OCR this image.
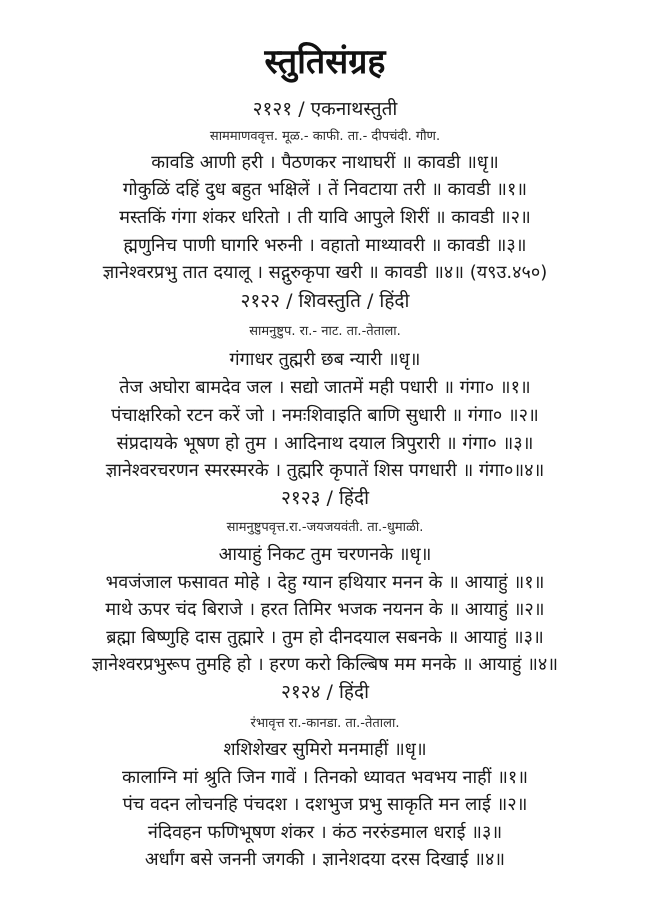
स्तुतिसंग्रह
२१२१ / एकनाथस्तुती
साममाणववृत्त. मूळ.- काफी. ता.- दीपचंदी. गौण.
कावडि आणी हरी । पैठणकर नाथाघरीं ॥ कावडी ॥धृ॥
गोकुळिं दहिं दुध बहुत भक्षिलें । तें निवटाया तरी ॥ कावडी ॥१॥
मस्तकिं गंगा शंकर धरितो । ती यावि आपुले शिरीं ॥ कावडी ॥२॥
ह्मणुनिच पाणी घागरि भरुनी । वहातो माथ्यावरी ॥ कावडी ॥३॥
ज्ञानेश्वरप्रभु तात दयालू । सद्गुरुकृपा खरी ॥ कावडी ॥४॥ (य९उ.४५०)
२१२२ / शिवस्तुति / हिंदी
सामनुष्टुप. रा.- नाट. ता.-तेताला.
गंगाधर तुह्मरी छब न्यारी ॥धृ॥
तेज अघोरा बामदेव जल । सद्यो जातमें मही पधारी ॥ गंगा० ॥१॥
पंचाक्षरिको रटन करें जो । नमःशिवाइति बाणि सुधारी ॥ गंगा० ॥२॥
संप्रदायके भूषण हो तुम । आदिनाथ दयाल त्रिपुरारी ॥ गंगा० ॥३॥
ज्ञानेश्वरचरणन स्मरस्मरके । तुह्मरि कृपातें शिस पगधारी ॥ गंगा०॥४॥
२१२३ / हिंदी
सामनुष्टुपवृत्त.रा.-जयजयवंती. ता.-धुमाळी.
आयाहुं निकट तुम चरणनके ॥धृ॥
भवजंजाल फसावत मोहे । देहु ग्यान हथियार मनन के ॥ आयाहुं ॥१॥
माथे ऊपर चंद बिराजे । हरत तिमिर भजक नयनन के ॥ आयाहुं ॥२॥
ब्रह्मा बिष्णुहि दास तुह्मारे । तुम हो दीनदयाल सबनके ॥ आयाहुं ॥३॥
ज्ञानेश्वरप्रभुरूप तुमहि हो । हरण करो किल्बिष मम मनके ॥ आयाहुं ॥४॥
२१२४ / हिंदी
रंभावृत्त रा.-कानडा. ता.-तेताला.
शशिशेखर सुमिरो मनमाहीं ॥धृ॥
कालाग्नि मां श्रुति जिन गावें । तिनको ध्यावत भवभय नाहीं ॥१॥
पंच वदन लोचनहि पंचदश । दशभुज प्रभु साकृति मन लाई ॥२॥
नंदिवहन फणिभूषण शंकर । कंठ नररुंडमाल धराई ॥३॥
अर्धांग बसे जननी जगकी । ज्ञानेशदया दरस दिखाई ॥४॥
